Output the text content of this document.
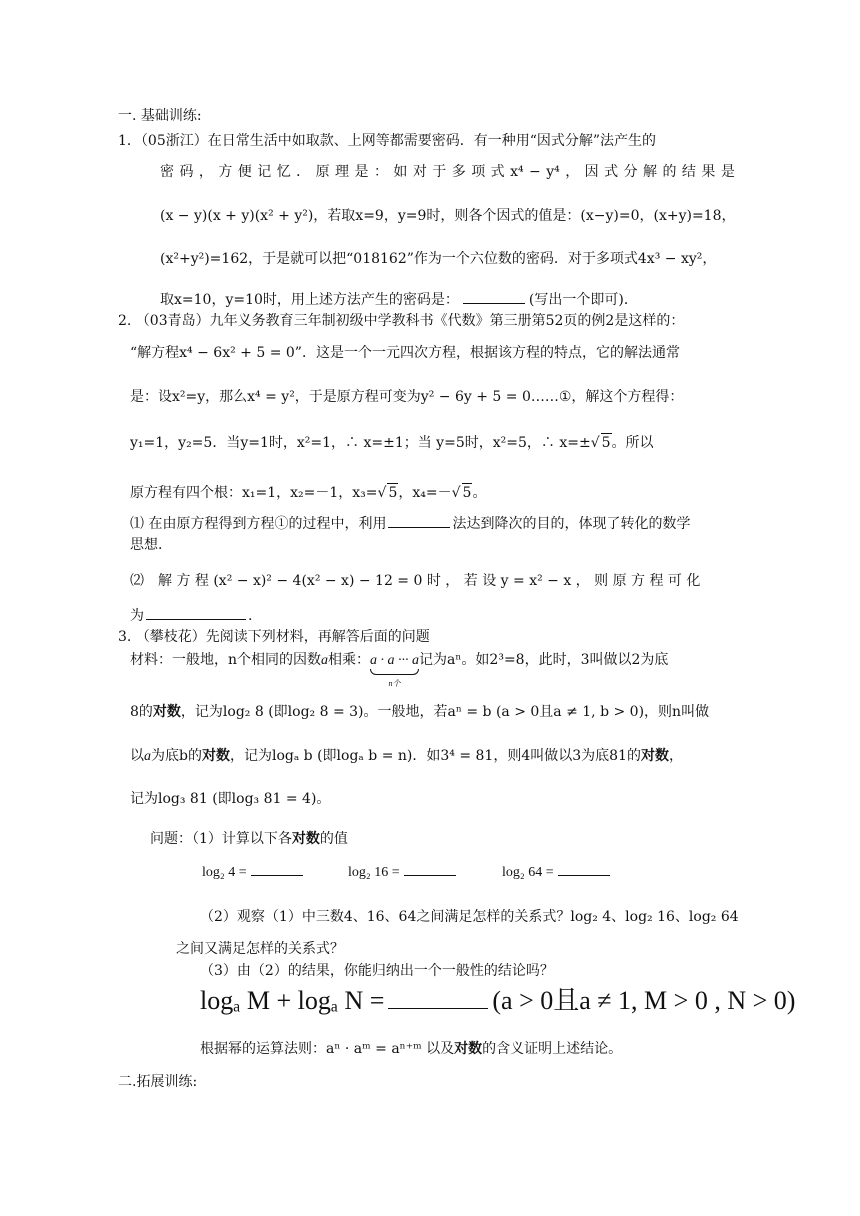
一. 基础训练:
1．（05浙江）在日常生活中如取款、上网等都需要密码．有一种用“因式分解”法产生的
密 码 ， 方 便 记 忆 ． 原 理 是 ： 如 对 于 多 项 式 x⁴ − y⁴ ， 因 式 分 解 的 结 果 是
(x − y)(x + y)(x² + y²)，若取x=9，y=9时，则各个因式的值是：(x−y)=0，(x+y)=18，
(x²+y²)=162，于是就可以把“018162”作为一个六位数的密码．对于多项式4x³ − xy²，
取x=10，y=10时，用上述方法产生的密码是：	(写出一个即可)．
2. （03青岛）九年义务教育三年制初级中学教科书《代数》第三册第52页的例2是这样的：
“解方程x⁴ − 6x² + 5 = 0”．这是一个一元四次方程，根据该方程的特点，它的解法通常
是：设x²=y，那么x⁴ = y²，于是原方程可变为y² − 6y + 5 = 0……①，解这个方程得：
y₁=1，y₂=5．当y=1时，x²=1，∴ x=±1；当 y=5时，x²=5，∴ x=±√ 5。所以
原方程有四个根：x₁=1，x₂=－1，x₃=√ 5，x₄=－√ 5。
⑴ 在由原方程得到方程①的过程中，利用	法达到降次的目的，体现了转化的数学
思想.
⑵　解 方 程 (x² − x)² − 4(x² − x) − 12 = 0 时 ， 若 设 y = x² − x ， 则 原 方 程 可 化
为	.
3. （攀枝花）先阅读下列材料，再解答后面的问题
材料：一般地，n个相同的因数a相乘：a · a ··· a
n个
记为aⁿ。如2³=8，此时，3叫做以2为底
8的对数，记为log₂ 8 (即log₂ 8 = 3)。一般地，若aⁿ = b (a > 0且a ≠ 1, b > 0)，则n叫做
以a为底b的对数，记为logₐ b (即logₐ b = n)．如3⁴ = 81，则4叫做以3为底81的对数，
记为log₃ 81 (即log₃ 81 = 4)。
问题：（1）计算以下各对数的值
log₂ 4 =	log₂ 16 =	log₂ 64 =
（2）观察（1）中三数4、16、64之间满足怎样的关系式？log₂ 4、log₂ 16、log₂ 64
之间又满足怎样的关系式？
（3）由（2）的结果，你能归纳出一个一般性的结论吗？
logₐ M + logₐ N =	(a > 0且a ≠ 1, M > 0 , N > 0)
根据幂的运算法则：aⁿ · aᵐ = aⁿ⁺ᵐ 以及对数的含义证明上述结论。
二.拓展训练:
